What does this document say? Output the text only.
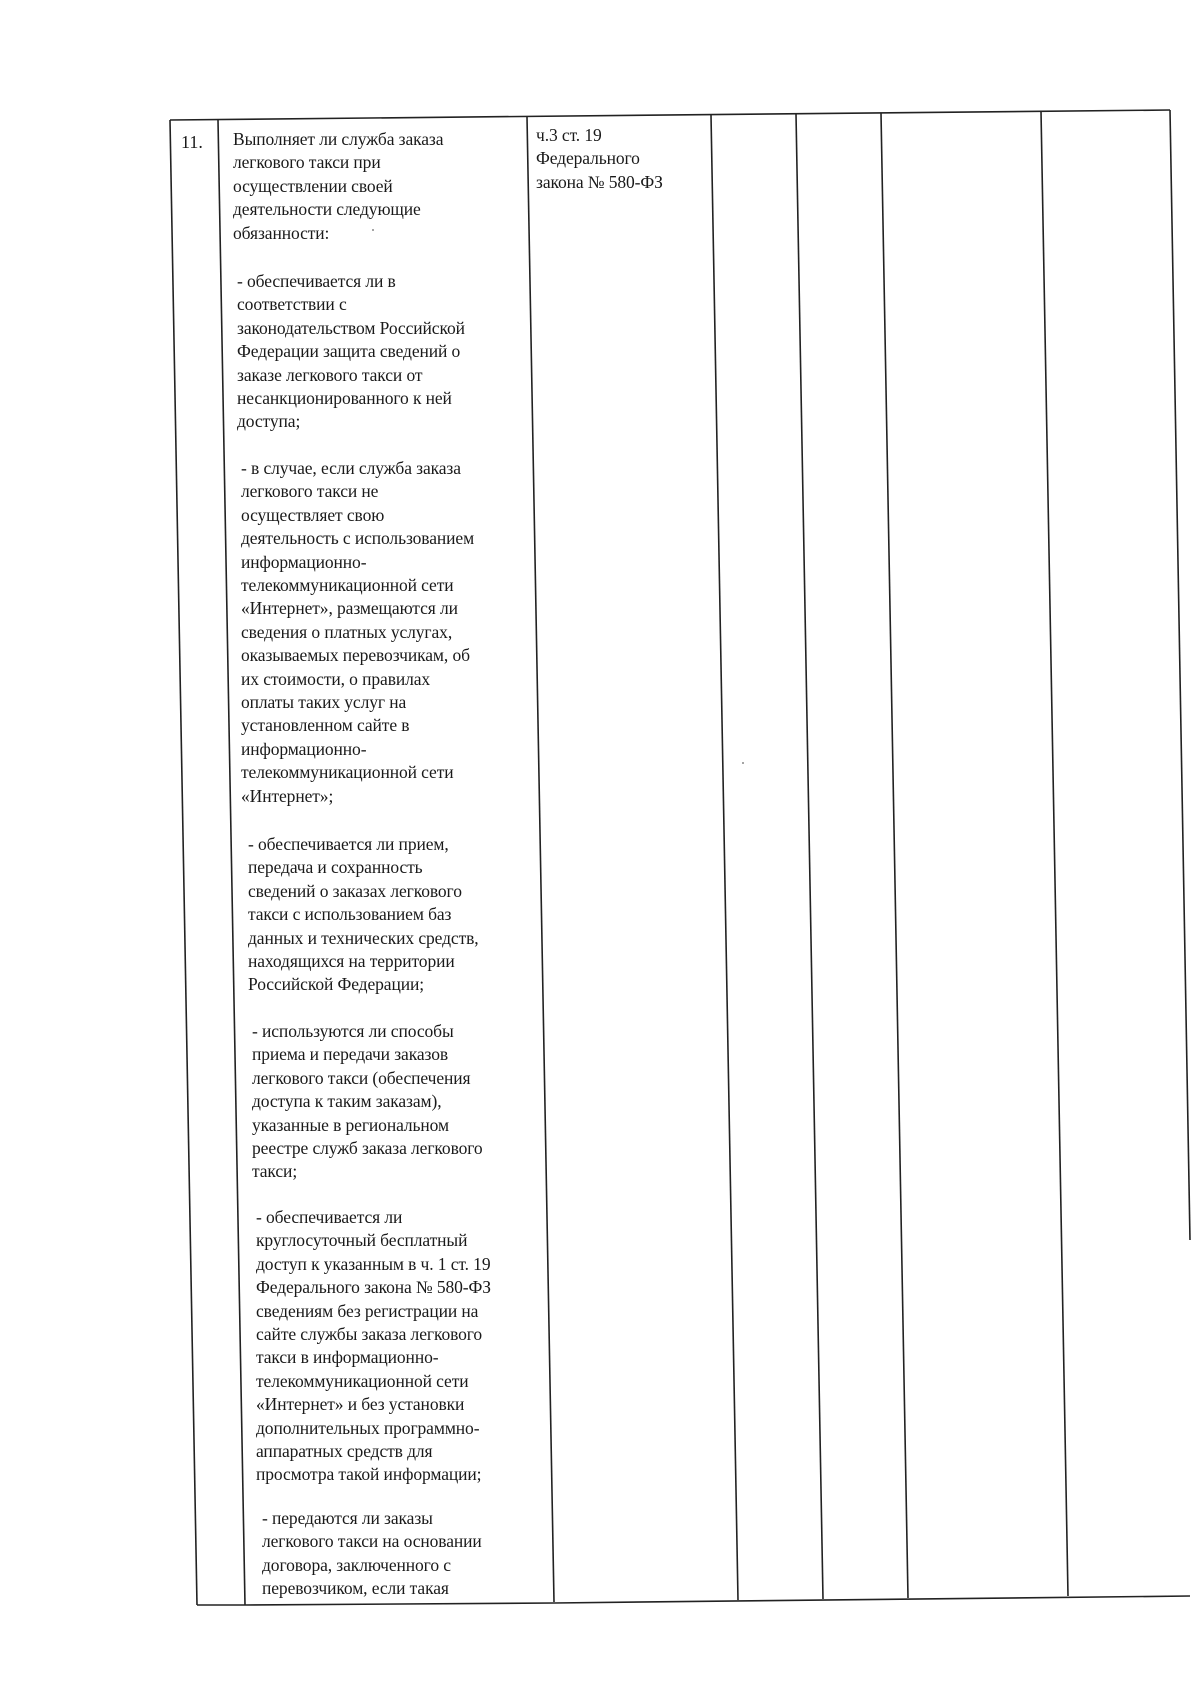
11. Выполняет ли служба заказа
легкового такси при
осуществлении своей
деятельности следующие
обязанности:
- обеспечивается ли в
соответствии с
законодательством Российской
Федерации защита сведений о
заказе легкового такси от
несанкционированного к ней
доступа;
- в случае, если служба заказа
легкового такси не
осуществляет свою
деятельность с использованием
информационно-
телекоммуникационной сети
«Интернет», размещаются ли
сведения о платных услугах,
оказываемых перевозчикам, об
их стоимости, о правилах
оплаты таких услуг на
установленном сайте в
информационно-
телекоммуникационной сети
«Интернет»;
- обеспечивается ли прием,
передача и сохранность
сведений о заказах легкового
такси с использованием баз
данных и технических средств,
находящихся на территории
Российской Федерации;
- используются ли способы
приема и передачи заказов
легкового такси (обеспечения
доступа к таким заказам),
указанные в региональном
реестре служб заказа легкового
такси;
- обеспечивается ли
круглосуточный бесплатный
доступ к указанным в ч. 1 ст. 19
Федерального закона № 580-ФЗ
сведениям без регистрации на
сайте службы заказа легкового
такси в информационно-
телекоммуникационной сети
«Интернет» и без установки
дополнительных программно-
аппаратных средств для
просмотра такой информации;
- передаются ли заказы
легкового такси на основании
договора, заключенного с
перевозчиком, если такая
ч.3 ст. 19
Федерального
закона № 580-ФЗ
